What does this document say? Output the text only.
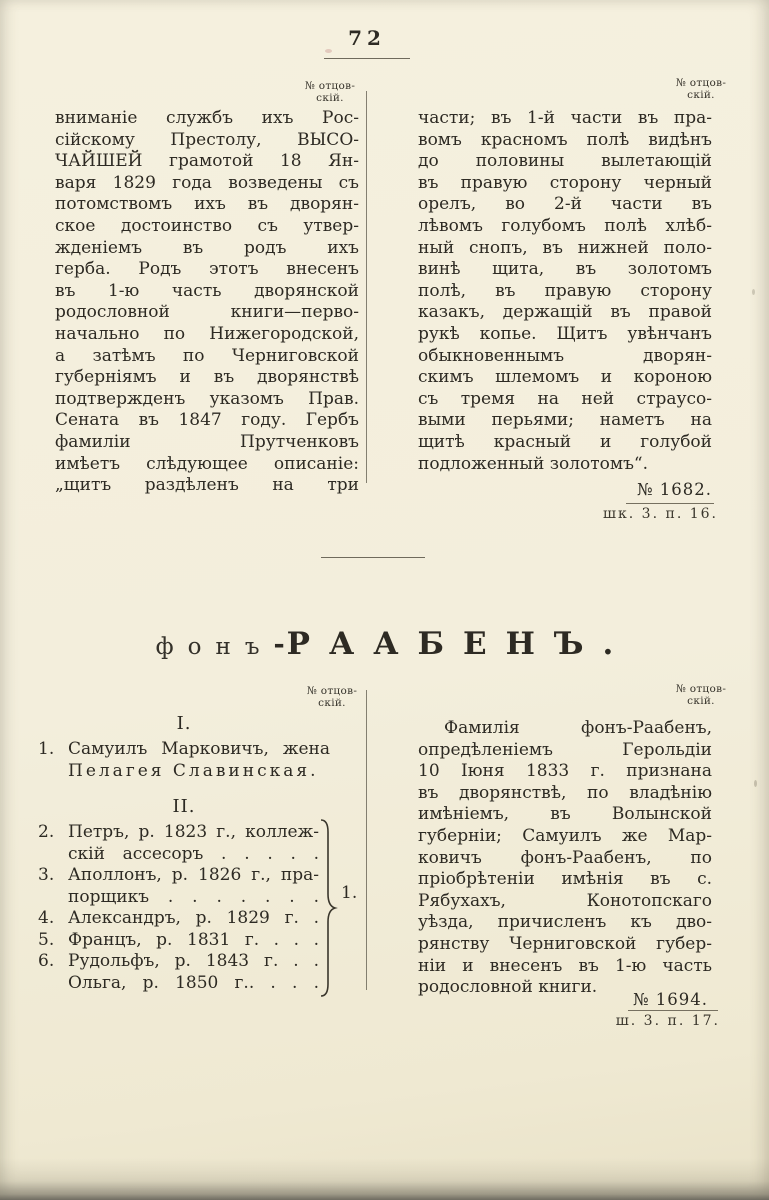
72
№ отцов-
скій.
№ отцов-
скій.
вниманіе службъ ихъ Рос-
сійскому Престолу, ВЫСО-
ЧАЙШЕЙ грамотой 18 Ян-
варя 1829 года возведены съ
потомствомъ ихъ въ дворян-
ское достоинство съ утвер-
жденіемъ въ родъ ихъ
герба. Родъ этотъ внесенъ
въ 1-ю часть дворянской
родословной книги—перво-
начально по Нижегородской,
а затѣмъ по Черниговской
губерніямъ и въ дворянствѣ
подтвержденъ указомъ Прав.
Сената въ 1847 году. Гербъ
фамиліи Прутченковъ
имѣетъ слѣдующее описаніе:
„щитъ раздѣленъ на три
части; въ 1-й части въ пра-
вомъ красномъ полѣ видѣнъ
до половины вылетающій
въ правую сторону черный
орелъ, во 2-й части въ
лѣвомъ голубомъ полѣ хлѣб-
ный снопъ, въ нижней поло-
винѣ щита, въ золотомъ
полѣ, въ правую сторону
казакъ, держащій въ правой
рукѣ копье. Щитъ увѣнчанъ
обыкновеннымъ дворян-
скимъ шлемомъ и короною
съ тремя на ней страусо-
выми перьями; наметъ на
щитѣ красный и голубой
подложенный золотомъ“.
№ 1682.
шк. 3. п. 16.
фонъ-РААБЕНЪ.
№ отцов-
скій.
№ отцов-
скій.
I.
1. Самуилъ Марковичъ, жена
Пелагея Славинская.
II.
2. Петръ, р. 1823 г., коллеж-
скій ассесоръ . . . . .
3. Аполлонъ, р. 1826 г., пра-
порщикъ . . . . . . .
4. Александръ, р. 1829 г. .
5. Францъ, р. 1831 г. . . .
6. Рудольфъ, р. 1843 г. . .
Ольга, р. 1850 г.. . . .
1.
Фамилія фонъ-Раабенъ,
опредѣленіемъ Герольдіи
10 Іюня 1833 г. признана
въ дворянствѣ, по владѣнію
имѣніемъ, въ Волынской
губерніи; Самуилъ же Мар-
ковичъ фонъ-Раабенъ, по
пріобрѣтеніи имѣнія въ с.
Рябухахъ, Конотопскаго
уѣзда, причисленъ къ дво-
рянству Черниговской губер-
ніи и внесенъ въ 1-ю часть
родословной книги.
№ 1694.
ш. 3. п. 17.
